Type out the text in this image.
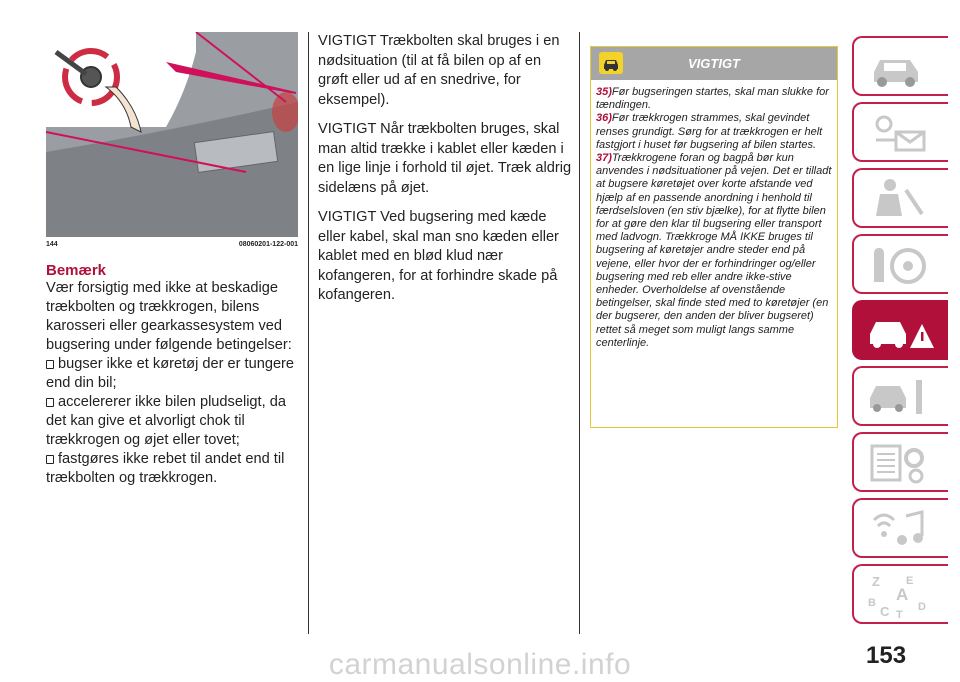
144	08060201-122-001
Bemærk
Vær forsigtig med ikke at beskadige trækbolten og trækkrogen, bilens karosseri eller gearkassesystem ved bugsering under følgende betingelser:
bugser ikke et køretøj der er tungere end din bil;
accelererer ikke bilen pludseligt, da det kan give et alvorligt chok til trækkrogen og øjet eller tovet;
fastgøres ikke rebet til andet end til trækbolten og trækkrogen.

VIGTIGT Trækbolten skal bruges i en nødsituation (til at få bilen op af en grøft eller ud af en snedrive, for eksempel).

VIGTIGT Når trækbolten bruges, skal man altid trække i kablet eller kæden i en lige linje i forhold til øjet. Træk aldrig sidelæns på øjet.

VIGTIGT Ved bugsering med kæde eller kabel, skal man sno kæden eller kablet med en blød klud nær kofangeren, for at forhindre skade på kofangeren.

VIGTIGT
35)Før bugseringen startes, skal man slukke for tændingen.
36)Før trækkrogen strammes, skal gevindet renses grundigt. Sørg for at trækkrogen er helt fastgjort i huset før bugsering af bilen startes.
37)Trækkrogene foran og bagpå bør kun anvendes i nødsituationer på vejen. Det er tilladt at bugsere køretøjet over korte afstande ved hjælp af en passende anordning i henhold til færdselsloven (en stiv bjælke), for at flytte bilen for at gøre den klar til bugsering eller transport med ladvogn. Trækkroge MÅ IKKE bruges til bugsering af køretøjer andre steder end på vejene, eller hvor der er forhindringer og/eller bugsering med reb eller andre ikke-stive enheder. Overholdelse af ovenstående betingelser, skal finde sted med to køretøjer (en der bugserer, den anden der bliver bugseret) rettet så meget som muligt langs samme centerlinje.
Z E
A
B
C	D
T
153
carmanualsonline.info
